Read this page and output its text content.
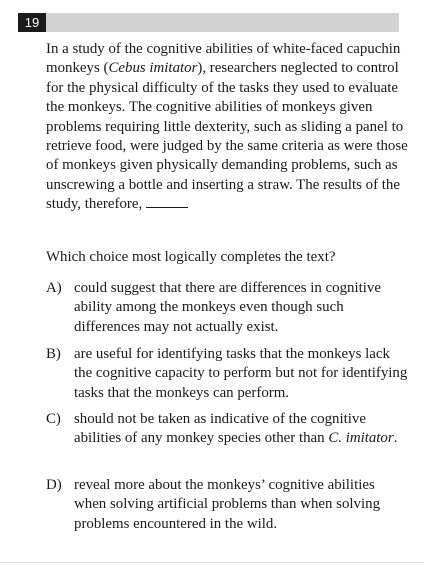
19

In a study of the cognitive abilities of white-faced capuchin monkeys (Cebus imitator), researchers neglected to control for the physical difficulty of the tasks they used to evaluate the monkeys. The cognitive abilities of monkeys given problems requiring little dexterity, such as sliding a panel to retrieve food, were judged by the same criteria as were those of monkeys given physically demanding problems, such as unscrewing a bottle and inserting a straw. The results of the study, therefore,

Which choice most logically completes the text?

A) could suggest that there are differences in cognitive ability among the monkeys even though such differences may not actually exist.
B) are useful for identifying tasks that the monkeys lack the cognitive capacity to perform but not for identifying tasks that the monkeys can perform.
C) should not be taken as indicative of the cognitive abilities of any monkey species other than C. imitator.
D) reveal more about the monkeys’ cognitive abilities when solving artificial problems than when solving problems encountered in the wild.
